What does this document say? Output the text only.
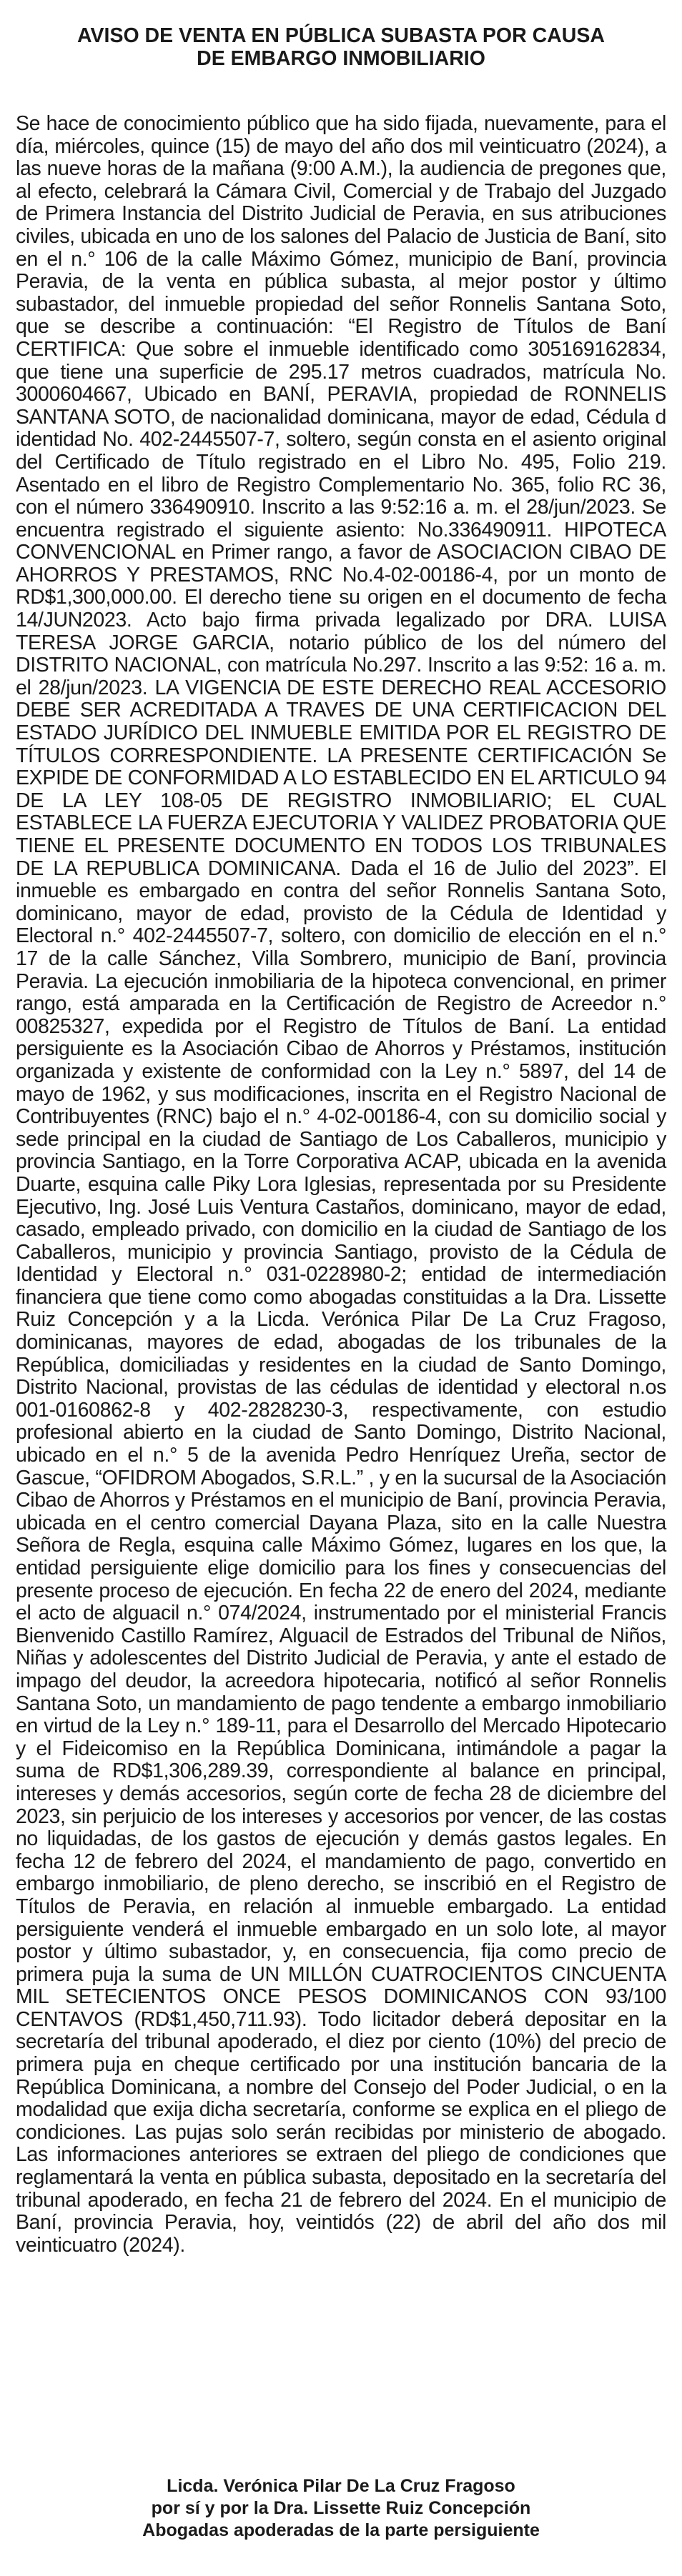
AVISO DE VENTA EN PÚBLICA SUBASTA POR CAUSA
DE EMBARGO INMOBILIARIO

Se hace de conocimiento público que ha sido fijada, nuevamente, para el día, miércoles, quince (15) de mayo del año dos mil veinticuatro (2024), a las nueve horas de la mañana (9:00 A.M.), la audiencia de pregones que, al efecto, celebrará la Cámara Civil, Comercial y de Trabajo del Juzgado de Primera Instancia del Distrito Judicial de Peravia, en sus atribuciones civiles, ubicada en uno de los salones del Palacio de Justicia de Baní, sito en el n.° 106 de la calle Máximo Gómez, municipio de Baní, provincia Peravia, de la venta en pública subasta, al mejor postor y último subastador, del inmueble propiedad del señor Ronnelis Santana Soto, que se describe a continuación: “El Registro de Títulos de Baní CERTIFICA: Que sobre el inmueble identificado como 305169162834, que tiene una superficie de 295.17 metros cuadrados, matrícula No. 3000604667, Ubicado en BANÍ, PERAVIA, propiedad de RONNELIS SANTANA SOTO, de nacionalidad dominicana, mayor de edad, Cédula d identidad No. 402-2445507-7, soltero, según consta en el asiento original del Certificado de Título registrado en el Libro No. 495, Folio 219. Asentado en el libro de Registro Complementario No. 365, folio RC 36, con el número 336490910. Inscrito a las 9:52:16 a. m. el 28/jun/2023. Se encuentra registrado el siguiente asiento: No.336490911. HIPOTECA CONVENCIONAL en Primer rango, a favor de ASOCIACION CIBAO DE AHORROS Y PRESTAMOS, RNC No.4-02-00186-4, por un monto de RD$1,300,000.00. El derecho tiene su origen en el documento de fecha 14/JUN2023. Acto bajo firma privada legalizado por DRA. LUISA TERESA JORGE GARCIA, notario público de los del número del DISTRITO NACIONAL, con matrícula No.297. Inscrito a las 9:52: 16 a. m. el 28/jun/2023. LA VIGENCIA DE ESTE DERECHO REAL ACCESORIO DEBE SER ACREDITADA A TRAVES DE UNA CERTIFICACION DEL ESTADO JURÍDICO DEL INMUEBLE EMITIDA POR EL REGISTRO DE TÍTULOS CORRESPONDIENTE. LA PRESENTE CERTIFICACIÓN Se EXPIDE DE CONFORMIDAD A LO ESTABLECIDO EN EL ARTICULO 94 DE LA LEY 108-05 DE REGISTRO INMOBILIARIO; EL CUAL ESTABLECE LA FUERZA EJECUTORIA Y VALIDEZ PROBATORIA QUE TIENE EL PRESENTE DOCUMENTO EN TODOS LOS TRIBUNALES DE LA REPUBLICA DOMINICANA. Dada el 16 de Julio del 2023”. El inmueble es embargado en contra del señor Ronnelis Santana Soto, dominicano, mayor de edad, provisto de la Cédula de Identidad y Electoral n.° 402-2445507-7, soltero, con domicilio de elección en el n.° 17 de la calle Sánchez, Villa Sombrero, municipio de Baní, provincia Peravia. La ejecución inmobiliaria de la hipoteca convencional, en primer rango, está amparada en la Certificación de Registro de Acreedor n.° 00825327, expedida por el Registro de Títulos de Baní. La entidad persiguiente es la Asociación Cibao de Ahorros y Préstamos, institución organizada y existente de conformidad con la Ley n.° 5897, del 14 de mayo de 1962, y sus modificaciones, inscrita en el Registro Nacional de Contribuyentes (RNC) bajo el n.° 4-02-00186-4, con su domicilio social y sede principal en la ciudad de Santiago de Los Caballeros, municipio y provincia Santiago, en la Torre Corporativa ACAP, ubicada en la avenida Duarte, esquina calle Piky Lora Iglesias, representada por su Presidente Ejecutivo, Ing. José Luis Ventura Castaños, dominicano, mayor de edad, casado, empleado privado, con domicilio en la ciudad de Santiago de los Caballeros, municipio y provincia Santiago, provisto de la Cédula de Identidad y Electoral n.° 031-0228980-2; entidad de intermediación financiera que tiene como como abogadas constituidas a la Dra. Lissette Ruiz Concepción y a la Licda. Verónica Pilar De La Cruz Fragoso, dominicanas, mayores de edad, abogadas de los tribunales de la República, domiciliadas y residentes en la ciudad de Santo Domingo, Distrito Nacional, provistas de las cédulas de identidad y electoral n.os 001-0160862-8 y 402-2828230-3, respectivamente, con estudio profesional abierto en la ciudad de Santo Domingo, Distrito Nacional, ubicado en el n.° 5 de la avenida Pedro Henríquez Ureña, sector de Gascue, “OFIDROM Abogados, S.R.L.” , y en la sucursal de la Asociación Cibao de Ahorros y Préstamos en el municipio de Baní, provincia Peravia, ubicada en el centro comercial Dayana Plaza, sito en la calle Nuestra Señora de Regla, esquina calle Máximo Gómez, lugares en los que, la entidad persiguiente elige domicilio para los fines y consecuencias del presente proceso de ejecución. En fecha 22 de enero del 2024, mediante el acto de alguacil n.° 074/2024, instrumentado por el ministerial Francis Bienvenido Castillo Ramírez, Alguacil de Estrados del Tribunal de Niños, Niñas y adolescentes del Distrito Judicial de Peravia, y ante el estado de impago del deudor, la acreedora hipotecaria, notificó al señor Ronnelis Santana Soto, un mandamiento de pago tendente a embargo inmobiliario en virtud de la Ley n.° 189-11, para el Desarrollo del Mercado Hipotecario y el Fideicomiso en la República Dominicana, intimándole a pagar la suma de RD$1,306,289.39, correspondiente al balance en principal, intereses y demás accesorios, según corte de fecha 28 de diciembre del 2023, sin perjuicio de los intereses y accesorios por vencer, de las costas no liquidadas, de los gastos de ejecución y demás gastos legales. En fecha 12 de febrero del 2024, el mandamiento de pago, convertido en embargo inmobiliario, de pleno derecho, se inscribió en el Registro de Títulos de Peravia, en relación al inmueble embargado. La entidad persiguiente venderá el inmueble embargado en un solo lote, al mayor postor y último subastador, y, en consecuencia, fija como precio de primera puja la suma de UN MILLÓN CUATROCIENTOS CINCUENTA MIL SETECIENTOS ONCE PESOS DOMINICANOS CON 93/100 CENTAVOS (RD$1,450,711.93). Todo licitador deberá depositar en la secretaría del tribunal apoderado, el diez por ciento (10%) del precio de primera puja en cheque certificado por una institución bancaria de la República Dominicana, a nombre del Consejo del Poder Judicial, o en la modalidad que exija dicha secretaría, conforme se explica en el pliego de condiciones. Las pujas solo serán recibidas por ministerio de abogado. Las informaciones anteriores se extraen del pliego de condiciones que reglamentará la venta en pública subasta, depositado en la secretaría del tribunal apoderado, en fecha 21 de febrero del 2024. En el municipio de Baní, provincia Peravia, hoy, veintidós (22) de abril del año dos mil veinticuatro (2024).

Licda. Verónica Pilar De La Cruz Fragoso
por sí y por la Dra. Lissette Ruiz Concepción
Abogadas apoderadas de la parte persiguiente
